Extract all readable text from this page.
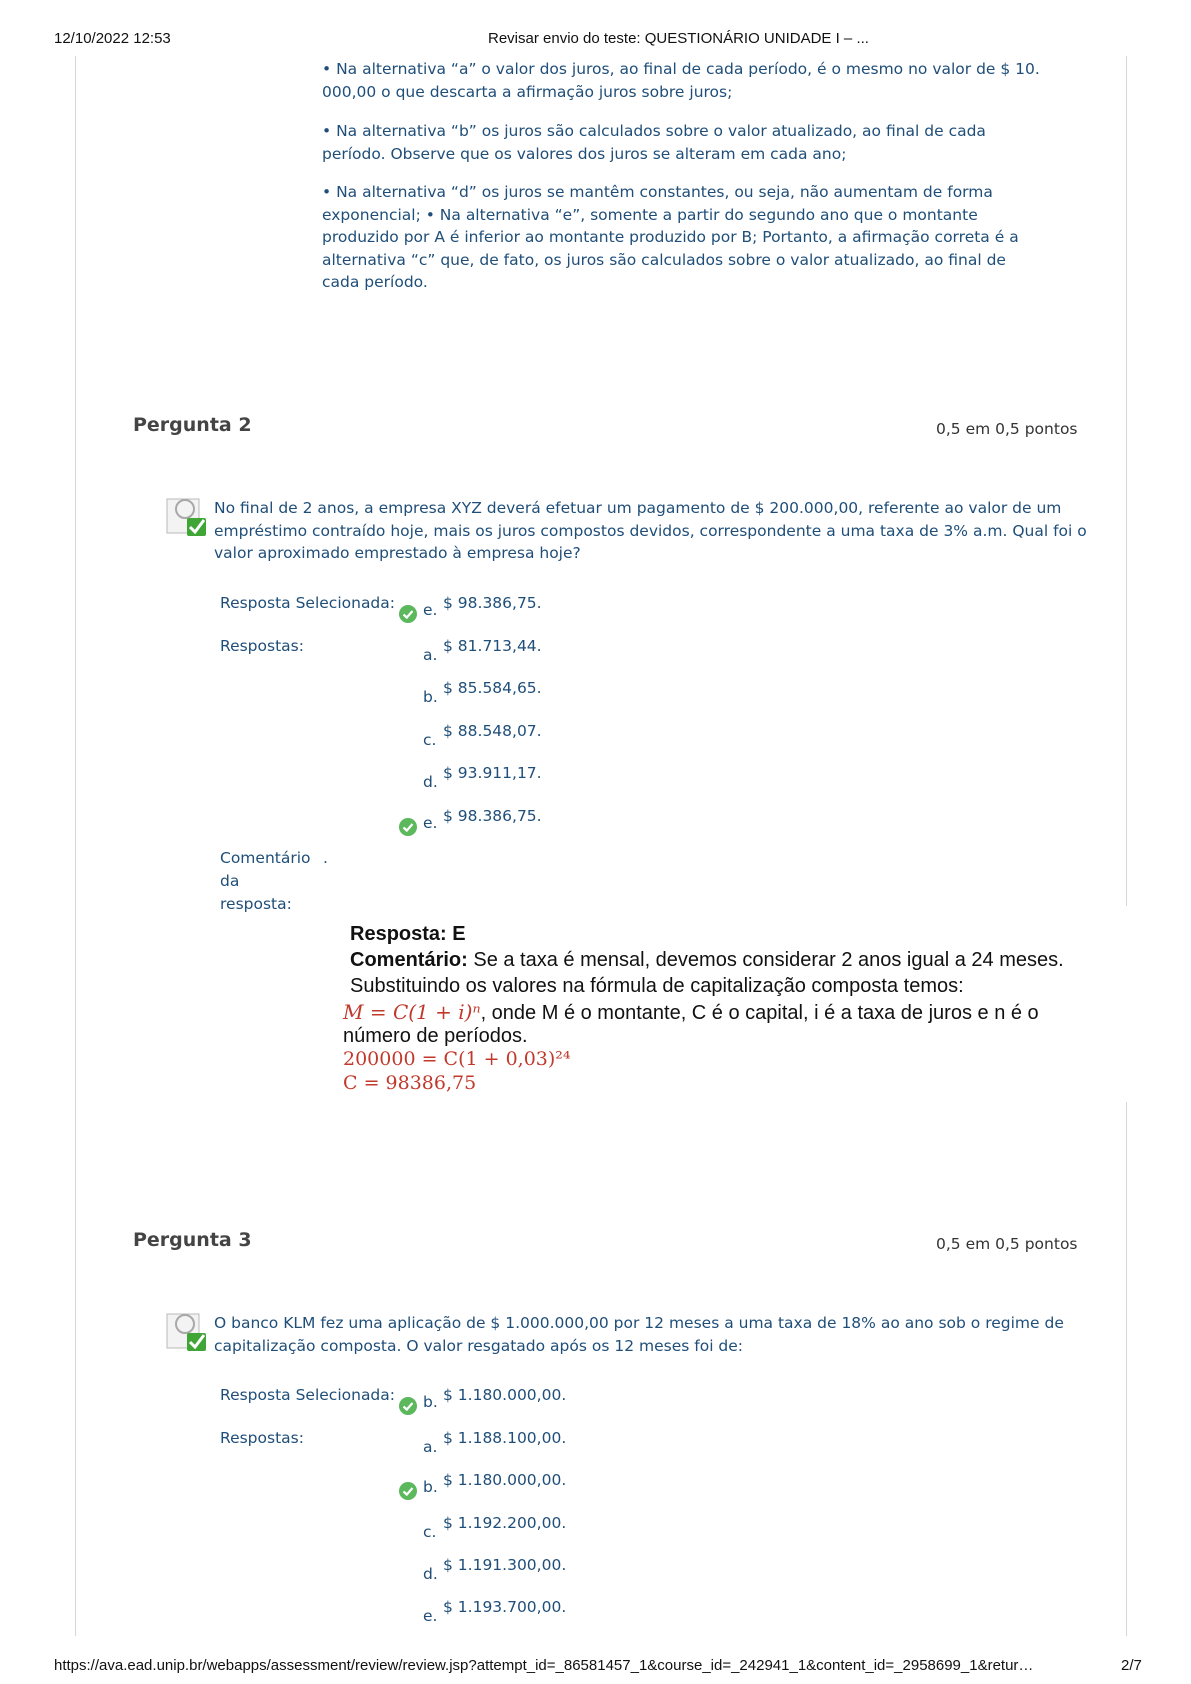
12/10/2022 12:53	Revisar envio do teste: QUESTIONÁRIO UNIDADE I – ...

• Na alternativa “a” o valor dos juros, ao final de cada período, é o mesmo no valor de $ 10. 000,00 o que descarta a afirmação juros sobre juros;

• Na alternativa “b” os juros são calculados sobre o valor atualizado, ao final de cada período. Observe que os valores dos juros se alteram em cada ano;

• Na alternativa “d” os juros se mantêm constantes, ou seja, não aumentam de forma exponencial; • Na alternativa “e”, somente a partir do segundo ano que o montante produzido por A é inferior ao montante produzido por B; Portanto, a afirmação correta é a alternativa “c” que, de fato, os juros são calculados sobre o valor atualizado, ao final de cada período.

Pergunta 2	0,5 em 0,5 pontos

No final de 2 anos, a empresa XYZ deverá efetuar um pagamento de $ 200.000,00, referente ao valor de um empréstimo contraído hoje, mais os juros compostos devidos, correspondente a uma taxa de 3% a.m. Qual foi o valor aproximado emprestado à empresa hoje?

Resposta Selecionada: e. $ 98.386,75.
Respostas:	a. $ 81.713,44.
b. $ 85.584,65.
c. $ 88.548,07.
d. $ 93.911,17.
e. $ 98.386,75.
Comentário
da
resposta:
.
Resposta: E
Comentário: Se a taxa é mensal, devemos considerar 2 anos igual a 24 meses.
Substituindo os valores na fórmula de capitalização composta temos:
M = C(1 + i)ⁿ, onde M é o montante, C é o capital, i é a taxa de juros e n é o
número de períodos.
200000 = C(1 + 0,03)²⁴
C = 98386,75
Pergunta 3	0,5 em 0,5 pontos

O banco KLM fez uma aplicação de $ 1.000.000,00 por 12 meses a uma taxa de 18% ao ano sob o regime de capitalização composta. O valor resgatado após os 12 meses foi de:

Resposta Selecionada: b. $ 1.180.000,00.
Respostas:	a. $ 1.188.100,00.
b. $ 1.180.000,00.
c. $ 1.192.200,00.
d. $ 1.191.300,00.
e. $ 1.193.700,00.
https://ava.ead.unip.br/webapps/assessment/review/review.jsp?attempt_id=_86581457_1&course_id=_242941_1&content_id=_2958699_1&retur…	2/7
